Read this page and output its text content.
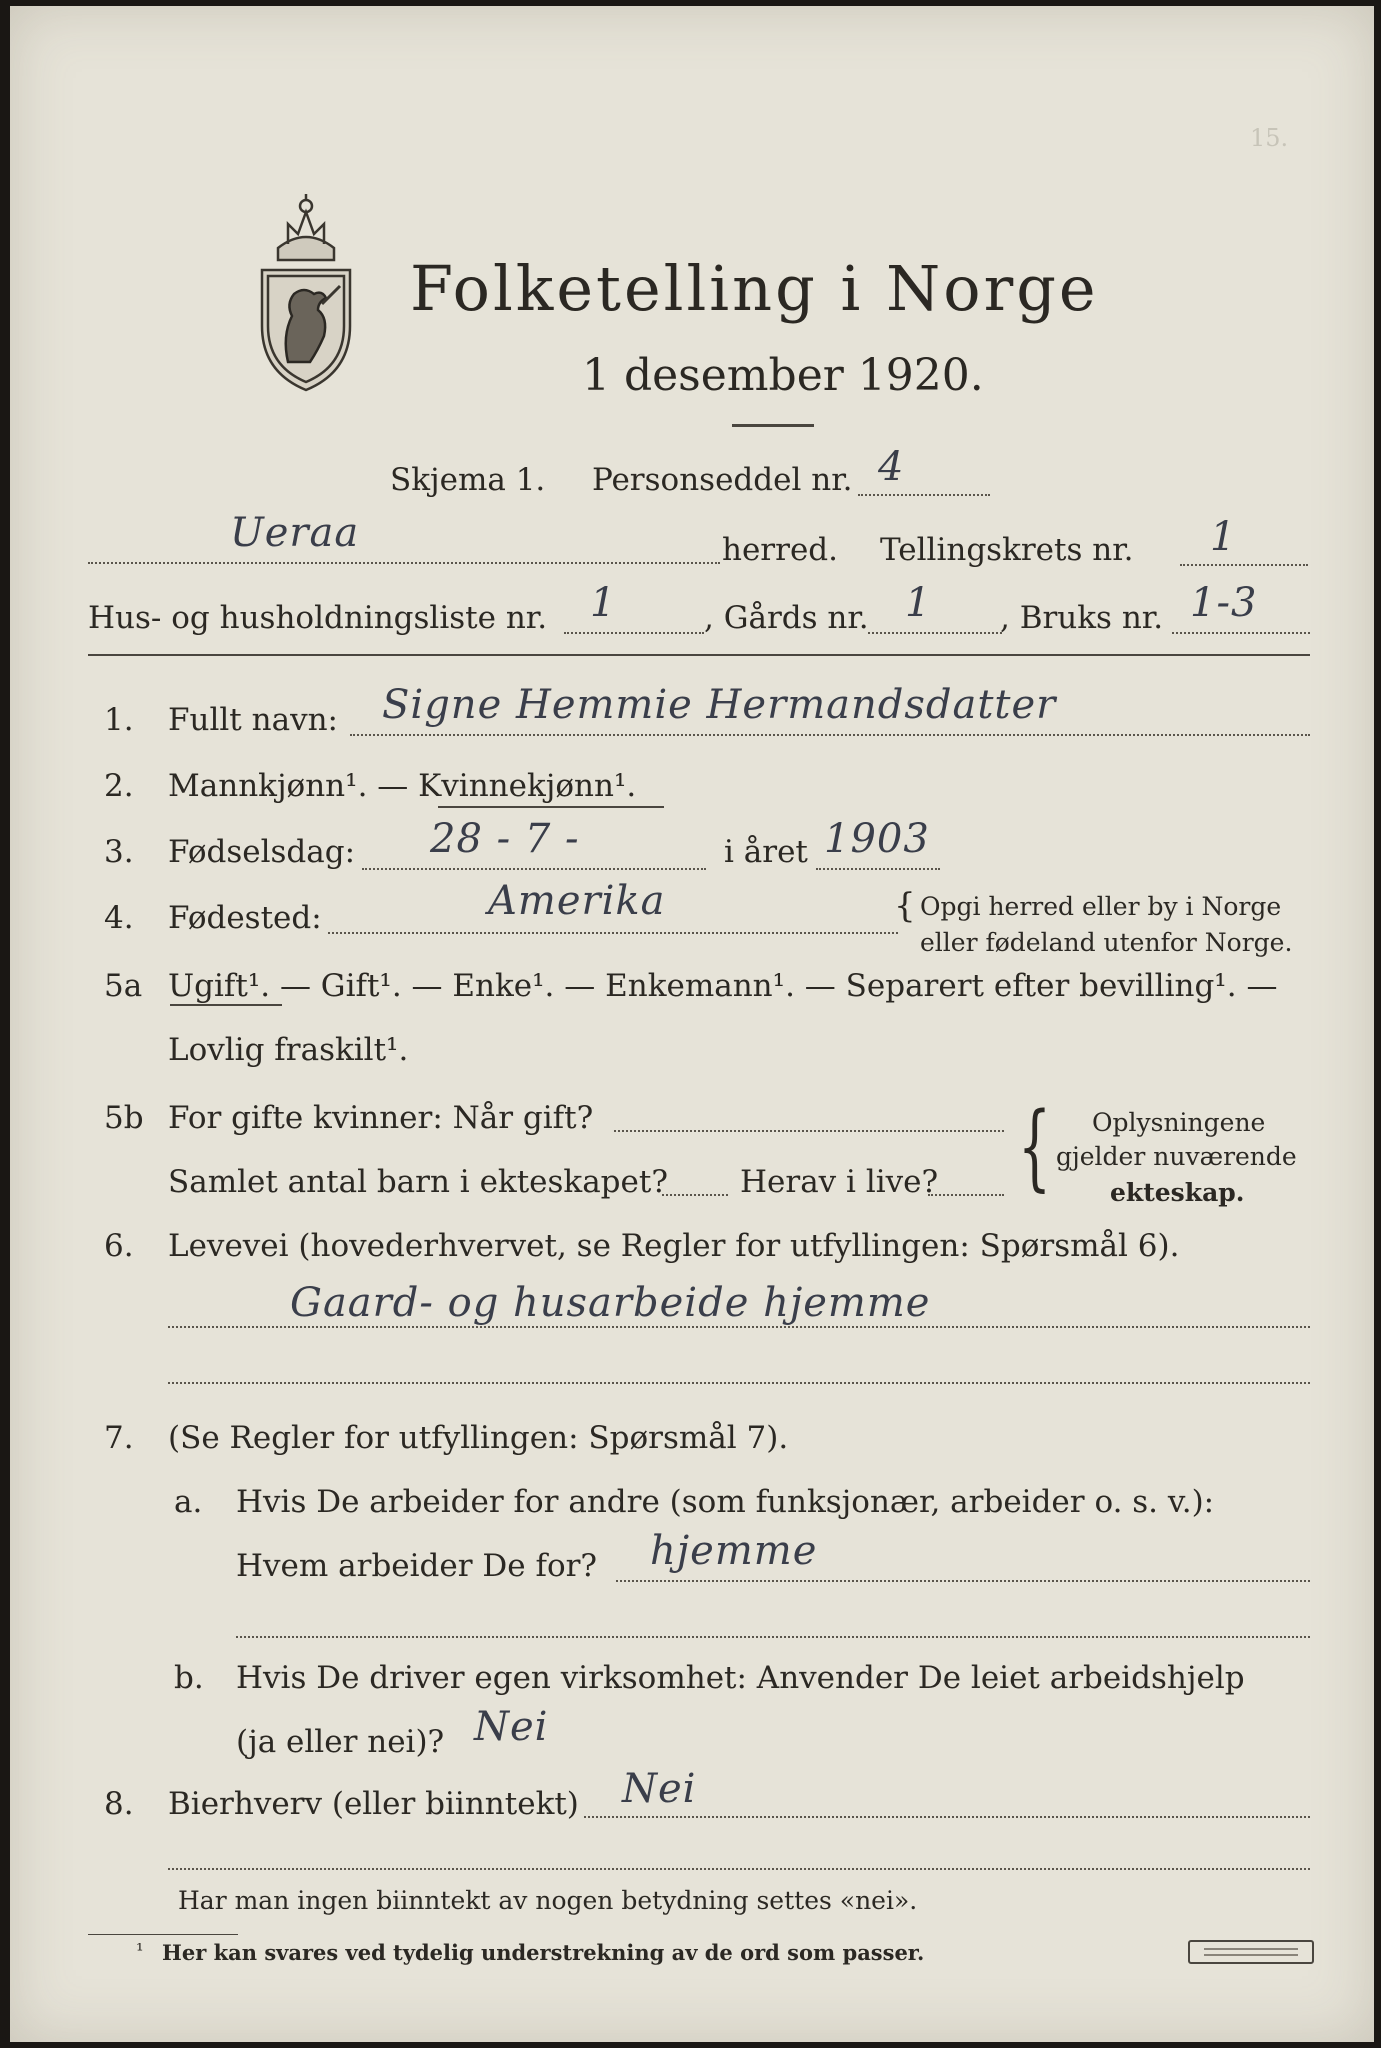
15.
Folketelling i Norge
1 desember 1920.
Skjema 1. Personseddel nr. 4
Ueraa	herred. Tellingskrets nr. 1
Hus- og husholdningsliste nr. 1	, Gårds nr. 1 , Bruks nr. 1-3
1. Fullt navn: Signe Hemmie Hermandsdatter
2. Mannkjønn¹. — Kvinnekjønn¹.
3. Fødselsdag: 28 - 7 -	i året 1903
4. Fødested:	Amerika	{ Opgi herred eller by i Norge
eller fødeland utenfor Norge.
5a Ugift¹. — Gift¹. — Enke¹. — Enkemann¹. — Separert efter bevilling¹. —
Lovlig fraskilt¹.
5b For gifte kvinner: Når gift?
Samlet antal barn i ekteskapet? Herav i live? { Oplysningene
gjelder nuværende
ekteskap.
6. Levevei (hovederhvervet, se Regler for utfyllingen: Spørsmål 6).
Gaard- og husarbeide hjemme
7. (Se Regler for utfyllingen: Spørsmål 7).
a. Hvis De arbeider for andre (som funksjonær, arbeider o. s. v.):
Hvem arbeider De for? hjemme
b. Hvis De driver egen virksomhet: Anvender De leiet arbeidshjelp
(ja eller nei)? Nei
8. Bierhverv (eller biinntekt) Nei
Har man ingen biinntekt av nogen betydning settes «nei».
¹ Her kan svares ved tydelig understrekning av de ord som passer.
